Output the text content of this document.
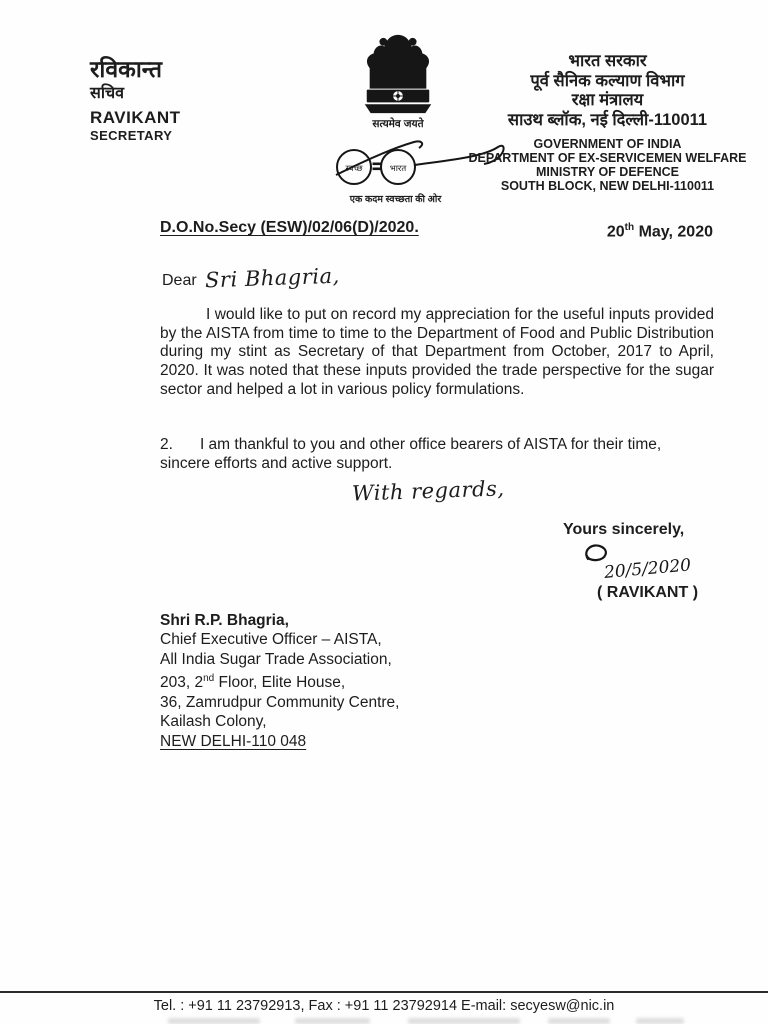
रविकान्त
सचिव
RAVIKANT
SECRETARY
सत्यमेव जयते
स्वच्छ	भारत
एक कदम स्वच्छता की ओर
भारत सरकार
पूर्व सैनिक कल्याण विभाग
रक्षा मंत्रालय
साउथ ब्लॉक, नई दिल्ली-110011
GOVERNMENT OF INDIA
DEPARTMENT OF EX-SERVICEMEN WELFARE
MINISTRY OF DEFENCE
SOUTH BLOCK, NEW DELHI-110011
D.O.No.Secy (ESW)/02/06(D)/2020.	20th May, 2020
Dear Sri Bhagria,

I would like to put on record my appreciation for the useful inputs provided by the AISTA from time to time to the Department of Food and Public Distribution during my stint as Secretary of that Department from October, 2017 to April, 2020. It was noted that these inputs provided the trade perspective for the sugar sector and helped a lot in various policy formulations.

2. I am thankful to you and other office bearers of AISTA for their time, sincere efforts and active support.
With regards,
Yours sincerely,
20/5/2020
( RAVIKANT )
Shri R.P. Bhagria,
Chief Executive Officer – AISTA,
All India Sugar Trade Association,
203, 2nd Floor, Elite House,
36, Zamrudpur Community Centre,
Kailash Colony,
NEW DELHI-110 048
Tel. : +91 11 23792913, Fax : +91 11 23792914 E-mail: secyesw@nic.in
